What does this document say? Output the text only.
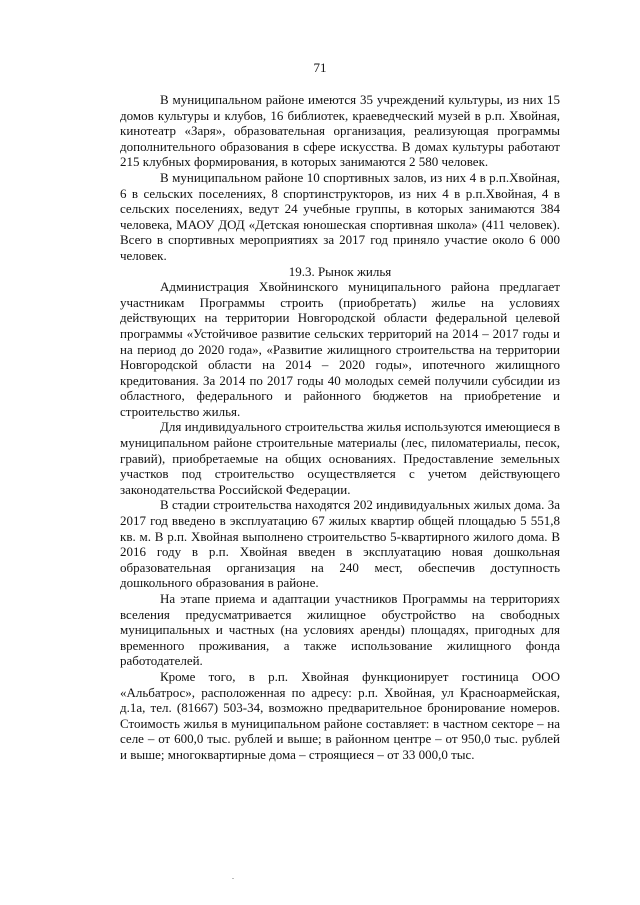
71

В муниципальном районе имеются 35 учреждений культуры, из них 15 домов культуры и клубов, 16 библиотек, краеведческий музей в р.п. Хвойная, кинотеатр «Заря», образовательная организация, реализующая программы дополнительного образования в сфере искусства. В домах культуры работают 215 клубных формирования, в которых занимаются 2 580 человек.

В муниципальном районе 10 спортивных залов, из них 4 в р.п.Хвойная, 6 в сельских поселениях, 8 спортинструкторов, из них 4 в р.п.Хвойная, 4 в сельских поселениях, ведут 24 учебные группы, в которых занимаются 384 человека, МАОУ ДОД «Детская юношеская спортивная школа» (411 человек). Всего в спортивных мероприятиях за 2017 год приняло участие около 6 000 человек.

19.3. Рынок жилья

Администрация Хвойнинского муниципального района предлагает участникам Программы строить (приобретать) жилье на условиях действующих на территории Новгородской области федеральной целевой программы «Устойчивое развитие сельских территорий на 2014 – 2017 годы и на период до 2020 года», «Развитие жилищного строительства на территории Новгородской области на 2014 – 2020 годы», ипотечного жилищного кредитования. За 2014 по 2017 годы 40 молодых семей получили субсидии из областного, федерального и районного бюджетов на приобретение и строительство жилья.

Для индивидуального строительства жилья используются имеющиеся в муниципальном районе строительные материалы (лес, пиломатериалы, песок, гравий), приобретаемые на общих основаниях. Предоставление земельных участков под строительство осуществляется с учетом действующего законодательства Российской Федерации.

В стадии строительства находятся 202 индивидуальных жилых дома. За 2017 год введено в эксплуатацию 67 жилых квартир общей площадью 5 551,8 кв. м. В р.п. Хвойная выполнено строительство 5-квартирного жилого дома. В 2016 году в р.п. Хвойная введен в эксплуатацию новая дошкольная образовательная организация на 240 мест, обеспечив доступность дошкольного образования в районе.

На этапе приема и адаптации участников Программы на территориях вселения предусматривается жилищное обустройство на свободных муниципальных и частных (на условиях аренды) площадях, пригодных для временного проживания, а также использование жилищного фонда работодателей.

Кроме того, в р.п. Хвойная функционирует гостиница ООО «Альбатрос», расположенная по адресу: р.п. Хвойная, ул Красноармейская, д.1а, тел. (81667) 503-34, возможно предварительное бронирование номеров. Стоимость жилья в муниципальном районе составляет: в частном секторе – на селе – от 600,0 тыс. рублей и выше; в районном центре – от 950,0 тыс. рублей и выше; многоквартирные дома – строящиеся – от 33 000,0 тыс.
